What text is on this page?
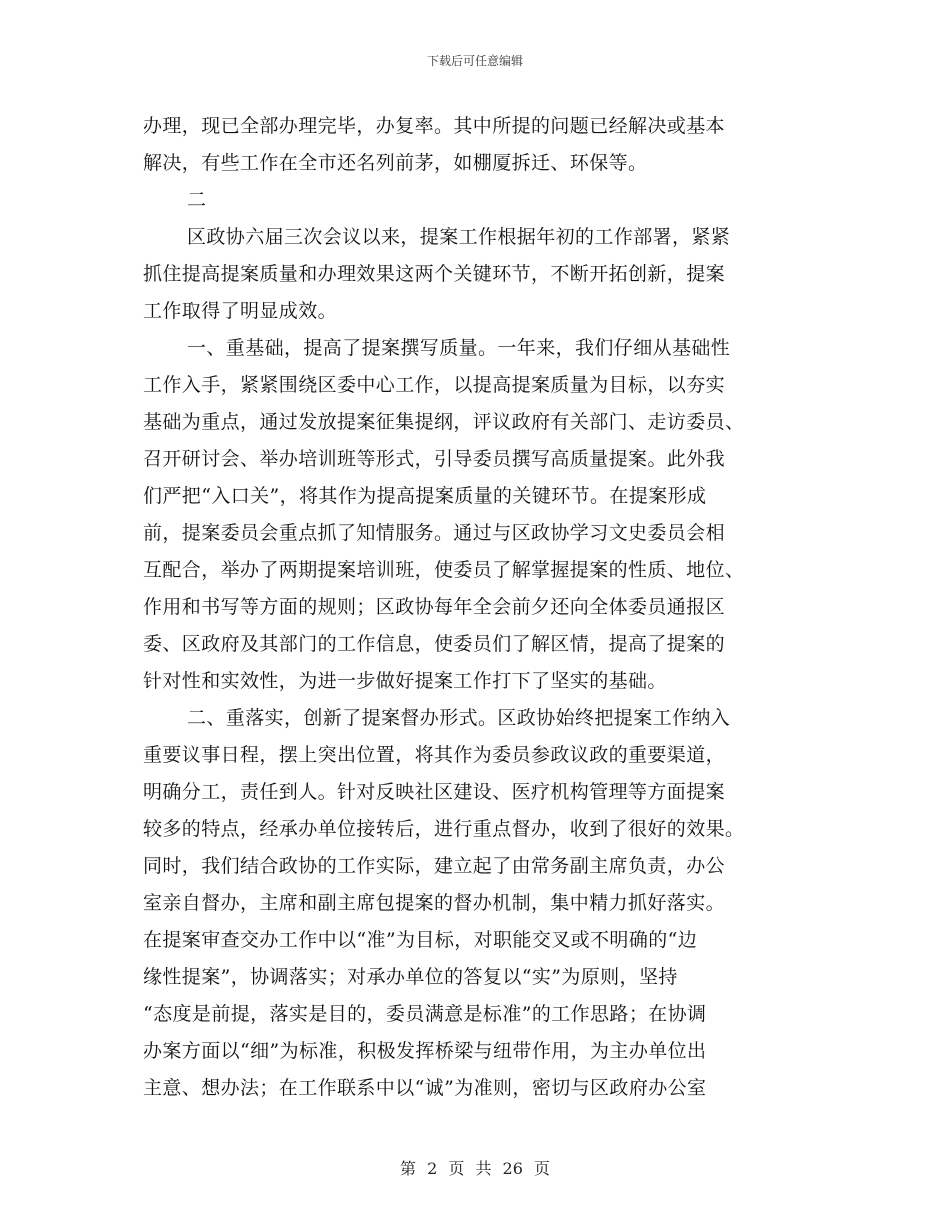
下载后可任意编辑
办理，现已全部办理完毕，办复率。其中所提的问题已经解决或基本
解决，有些工作在全市还名列前茅，如棚厦拆迁、环保等。
二
区政协六届三次会议以来，提案工作根据年初的工作部署，紧紧
抓住提高提案质量和办理效果这两个关键环节，不断开拓创新，提案
工作取得了明显成效。
一、重基础，提高了提案撰写质量。一年来，我们仔细从基础性
工作入手，紧紧围绕区委中心工作，以提高提案质量为目标，以夯实
基础为重点，通过发放提案征集提纲，评议政府有关部门、走访委员、
召开研讨会、举办培训班等形式，引导委员撰写高质量提案。此外我
们严把“入口关”，将其作为提高提案质量的关键环节。在提案形成
前，提案委员会重点抓了知情服务。通过与区政协学习文史委员会相
互配合，举办了两期提案培训班，使委员了解掌握提案的性质、地位、
作用和书写等方面的规则；区政协每年全会前夕还向全体委员通报区
委、区政府及其部门的工作信息，使委员们了解区情，提高了提案的
针对性和实效性，为进一步做好提案工作打下了坚实的基础。
二、重落实，创新了提案督办形式。区政协始终把提案工作纳入
重要议事日程，摆上突出位置，将其作为委员参政议政的重要渠道，
明确分工，责任到人。针对反映社区建设、医疗机构管理等方面提案
较多的特点，经承办单位接转后，进行重点督办，收到了很好的效果。
同时，我们结合政协的工作实际，建立起了由常务副主席负责，办公
室亲自督办，主席和副主席包提案的督办机制，集中精力抓好落实。
在提案审查交办工作中以“准”为目标，对职能交叉或不明确的“边
缘性提案”，协调落实；对承办单位的答复以“实”为原则，坚持
“态度是前提，落实是目的，委员满意是标准”的工作思路；在协调
办案方面以“细”为标准，积极发挥桥梁与纽带作用，为主办单位出
主意、想办法；在工作联系中以“诚”为准则，密切与区政府办公室
第 2 页 共 26 页
